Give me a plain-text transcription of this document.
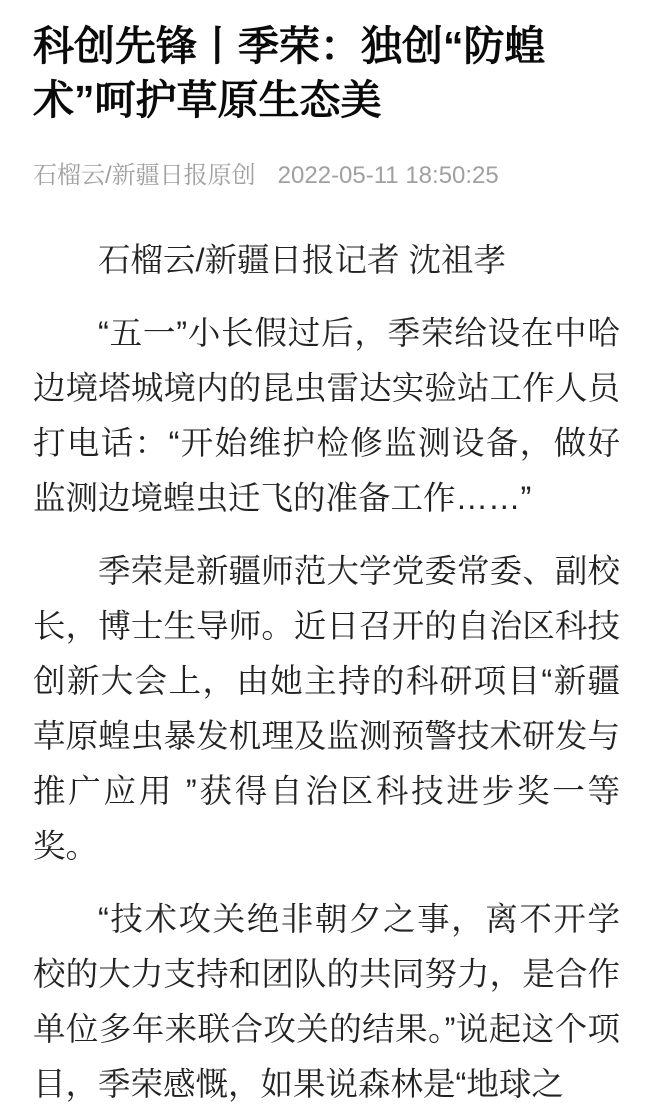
科创先锋丨季荣：独创“防蝗术”呵护草原生态美
石榴云/新疆日报原创 2022-05-11 18:50:25

石榴云/新疆日报记者 沈祖孝

“五一”小长假过后，季荣给设在中哈边境塔城境内的昆虫雷达实验站工作人员打电话：“开始维护检修监测设备，做好监测边境蝗虫迁飞的准备工作……”

季荣是新疆师范大学党委常委、副校长，博士生导师。近日召开的自治区科技创新大会上，由她主持的科研项目“新疆草原蝗虫暴发机理及监测预警技术研发与推广应用 ”获得自治区科技进步奖一等奖。

“技术攻关绝非朝夕之事，离不开学校的大力支持和团队的共同努力，是合作单位多年来联合攻关的结果。”说起这个项目，季荣感慨，如果说森林是“地球之
